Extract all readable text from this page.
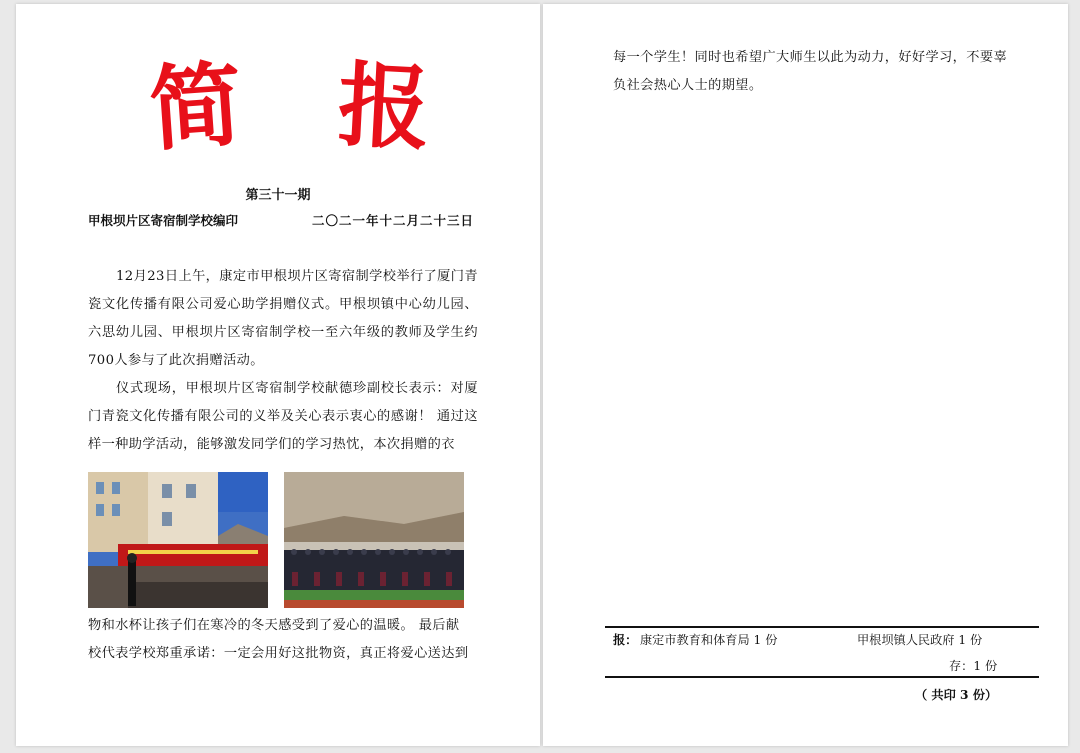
简 报
第三十一期
甲根坝片区寄宿制学校编印	二〇二一年十二月二十三日

12月23日上午，康定市甲根坝片区寄宿制学校举行了厦门青瓷文化传播有限公司爱心助学捐赠仪式。甲根坝镇中心幼儿园、六思幼儿园、甲根坝片区寄宿制学校一至六年级的教师及学生约700人参与了此次捐赠活动。

仪式现场，甲根坝片区寄宿制学校献德珍副校长表示：对厦门青瓷文化传播有限公司的义举及关心表示衷心的感谢！ 通过这样一种助学活动，能够激发同学们的学习热忱，本次捐赠的衣

物和水杯让孩子们在寒冷的冬天感受到了爱心的温暖。 最后献

校代表学校郑重承诺：一定会用好这批物资，真正将爱心送达到

每一个学生！同时也希望广大师生以此为动力，好好学习，不要辜负社会热心人士的期望。

报： 康定市教育和体育局 1 份	甲根坝镇人民政府 1 份
存：1 份
（ 共印 3 份）
